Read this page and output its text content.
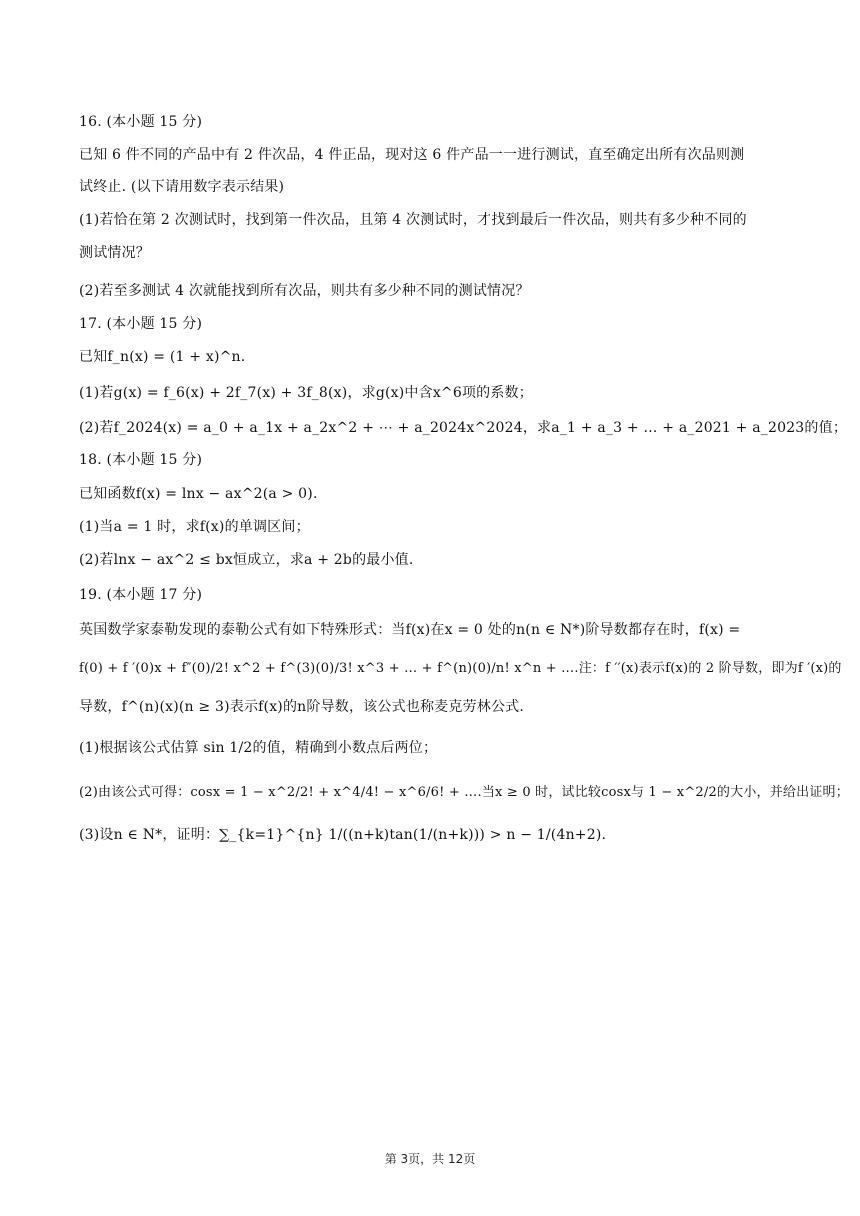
16. (本小题 15 分)
已知 6 件不同的产品中有 2 件次品，4 件正品，现对这 6 件产品一一进行测试，直至确定出所有次品则测
试终止. (以下请用数字表示结果)
(1)若恰在第 2 次测试时，找到第一件次品，且第 4 次测试时，才找到最后一件次品，则共有多少种不同的
测试情况？
(2)若至多测试 4 次就能找到所有次品，则共有多少种不同的测试情况？
17. (本小题 15 分)
已知f_n(x) = (1 + x)^n.
(1)若g(x) = f_6(x) + 2f_7(x) + 3f_8(x)，求g(x)中含x^6项的系数；
(2)若f_2024(x) = a_0 + a_1x + a_2x^2 + ⋯ + a_2024x^2024，求a_1 + a_3 + … + a_2021 + a_2023的值；
18. (本小题 15 分)
已知函数f(x) = lnx − ax^2(a > 0).
(1)当a = 1 时，求f(x)的单调区间；
(2)若lnx − ax^2 ≤ bx恒成立，求a + 2b的最小值.
19. (本小题 17 分)
英国数学家泰勒发现的泰勒公式有如下特殊形式：当f(x)在x = 0 处的n(n ∈ N*)阶导数都存在时，f(x) =
f(0) + f ′(0)x + f″(0)/2! x^2 + f^(3)(0)/3! x^3 + … + f^(n)(0)/n! x^n + ….注：f ′′(x)表示f(x)的 2 阶导数，即为f ′(x)的
导数，f^(n)(x)(n ≥ 3)表示f(x)的n阶导数，该公式也称麦克劳林公式.
(1)根据该公式估算 sin 1/2的值，精确到小数点后两位；
(2)由该公式可得：cosx = 1 − x^2/2! + x^4/4! − x^6/6! + ….当x ≥ 0 时，试比较cosx与 1 − x^2/2的大小，并给出证明；
(3)设n ∈ N*，证明：∑_{k=1}^{n} 1/((n+k)tan(1/(n+k))) > n − 1/(4n+2).
第 3页，共 12页
